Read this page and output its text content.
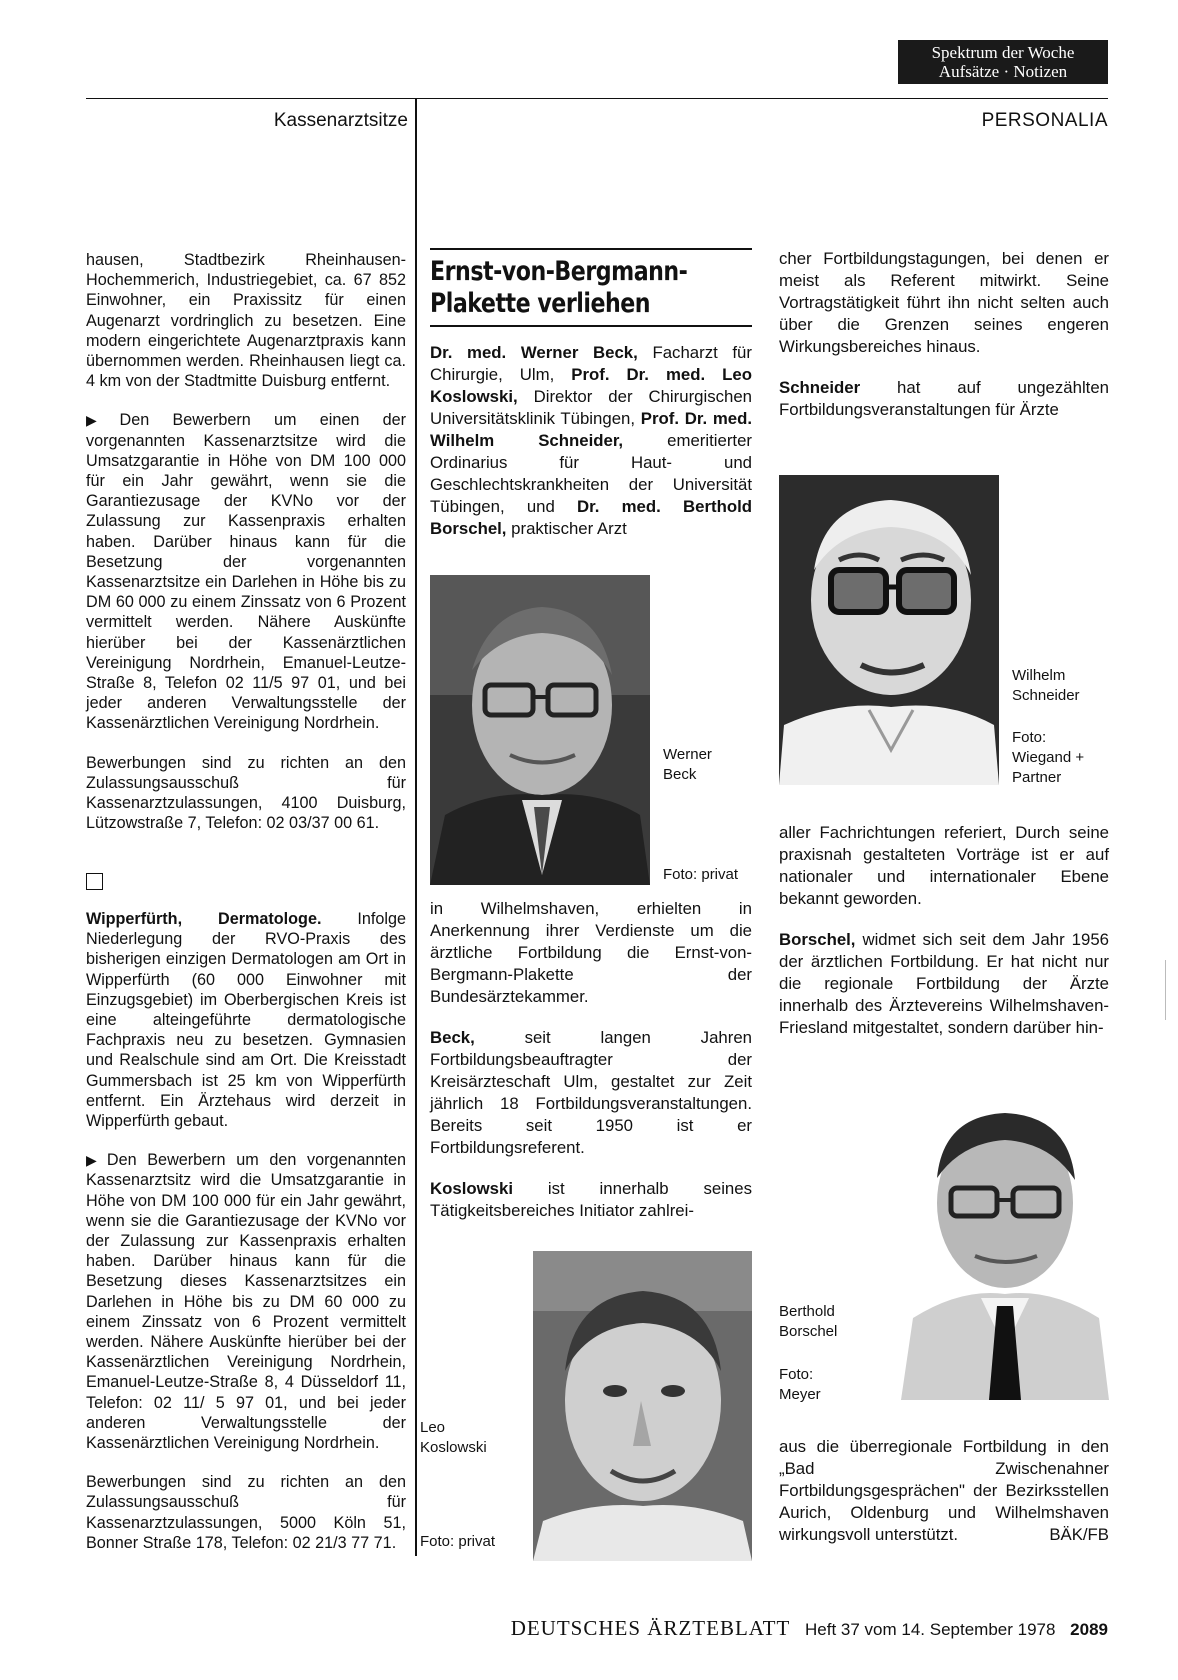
Spektrum der Woche
Aufsätze · Notizen
Kassenarztsitze	PERSONALIA

hausen, Stadtbezirk Rheinhausen-Hochemmerich, Industriegebiet, ca. 67 852 Einwohner, ein Praxissitz für einen Augenarzt vordringlich zu besetzen. Eine modern eingerichtete Augenarztpraxis kann übernommen werden. Rheinhausen liegt ca. 4 km von der Stadtmitte Duisburg entfernt.

▶ Den Bewerbern um einen der vorgenannten Kassenarztsitze wird die Umsatzgarantie in Höhe von DM 100 000 für ein Jahr gewährt, wenn sie die Garantiezusage der KVNo vor der Zulassung zur Kassenpraxis erhalten haben. Darüber hinaus kann für die Besetzung der vorgenannten Kassenarztsitze ein Darlehen in Höhe bis zu DM 60 000 zu einem Zinssatz von 6 Prozent vermittelt werden. Nähere Auskünfte hierüber bei der Kassenärztlichen Vereinigung Nordrhein, Emanuel-Leutze-Straße 8, Telefon 02 11/5 97 01, und bei jeder anderen Verwaltungsstelle der Kassenärztlichen Vereinigung Nordrhein.

Bewerbungen sind zu richten an den Zulassungsausschuß für Kassenarztzulassungen, 4100 Duisburg, Lützowstraße 7, Telefon: 02 03/37 00 61.

Wipperfürth, Dermatologe. Infolge Niederlegung der RVO-Praxis des bisherigen einzigen Dermatologen am Ort in Wipperfürth (60 000 Einwohner mit Einzugsgebiet) im Oberbergischen Kreis ist eine alteingeführte dermatologische Fachpraxis neu zu besetzen. Gymnasien und Realschule sind am Ort. Die Kreisstadt Gummersbach ist 25 km von Wipperfürth entfernt. Ein Ärztehaus wird derzeit in Wipperfürth gebaut.

▶ Den Bewerbern um den vorgenannten Kassenarztsitz wird die Umsatzgarantie in Höhe von DM 100 000 für ein Jahr gewährt, wenn sie die Garantiezusage der KVNo vor der Zulassung zur Kassenpraxis erhalten haben. Darüber hinaus kann für die Besetzung dieses Kassenarztsitzes ein Darlehen in Höhe bis zu DM 60 000 zu einem Zinssatz von 6 Prozent vermittelt werden. Nähere Auskünfte hierüber bei der Kassenärztlichen Vereinigung Nordrhein, Emanuel-Leutze-Straße 8, 4 Düsseldorf 11, Telefon: 02 11/ 5 97 01, und bei jeder anderen Verwaltungsstelle der Kassenärztlichen Vereinigung Nordrhein.

Bewerbungen sind zu richten an den Zulassungsausschuß für Kassenarztzulassungen, 5000 Köln 51, Bonner Straße 178, Telefon: 02 21/3 77 71.

Ernst-von-Bergmann-
Plakette verliehen

Dr. med. Werner Beck, Facharzt für Chirurgie, Ulm, Prof. Dr. med. Leo Koslowski, Direktor der Chirurgischen Universitätsklinik Tübingen, Prof. Dr. med. Wilhelm Schneider, emeritierter Ordinarius für Haut- und Geschlechtskrankheiten der Universität Tübingen, und Dr. med. Berthold Borschel, praktischer Arzt

Werner
Beck
Foto: privat

in Wilhelmshaven, erhielten in Anerkennung ihrer Verdienste um die ärztliche Fortbildung die Ernst-von-Bergmann-Plakette der Bundesärztekammer.

Beck, seit langen Jahren Fortbildungsbeauftragter der Kreisärzteschaft Ulm, gestaltet zur Zeit jährlich 18 Fortbildungsveranstaltungen. Bereits seit 1950 ist er Fortbildungsreferent.

Koslowski ist innerhalb seines Tätigkeitsbereiches Initiator zahlrei-

Leo
Koslowski
Foto: privat

cher Fortbildungstagungen, bei denen er meist als Referent mitwirkt. Seine Vortragstätigkeit führt ihn nicht selten auch über die Grenzen seines engeren Wirkungsbereiches hinaus.

Schneider hat auf ungezählten Fortbildungsveranstaltungen für Ärzte

Wilhelm
Schneider
Foto:
Wiegand +
Partner

aller Fachrichtungen referiert, Durch seine praxisnah gestalteten Vorträge ist er auf nationaler und internationaler Ebene bekannt geworden.

Borschel, widmet sich seit dem Jahr 1956 der ärztlichen Fortbildung. Er hat nicht nur die regionale Fortbildung der Ärzte innerhalb des Ärztevereins Wilhelmshaven-Friesland mitgestaltet, sondern darüber hin-

Berthold
Borschel
Foto:
Meyer

aus die überregionale Fortbildung in den „Bad Zwischenahner Fortbildungsgesprächen" der Bezirksstellen Aurich, Oldenburg und Wilhelmshaven wirkungsvoll unterstützt.	BÄK/FB
DEUTSCHES ÄRZTEBLATT Heft 37 vom 14. September 1978 2089
